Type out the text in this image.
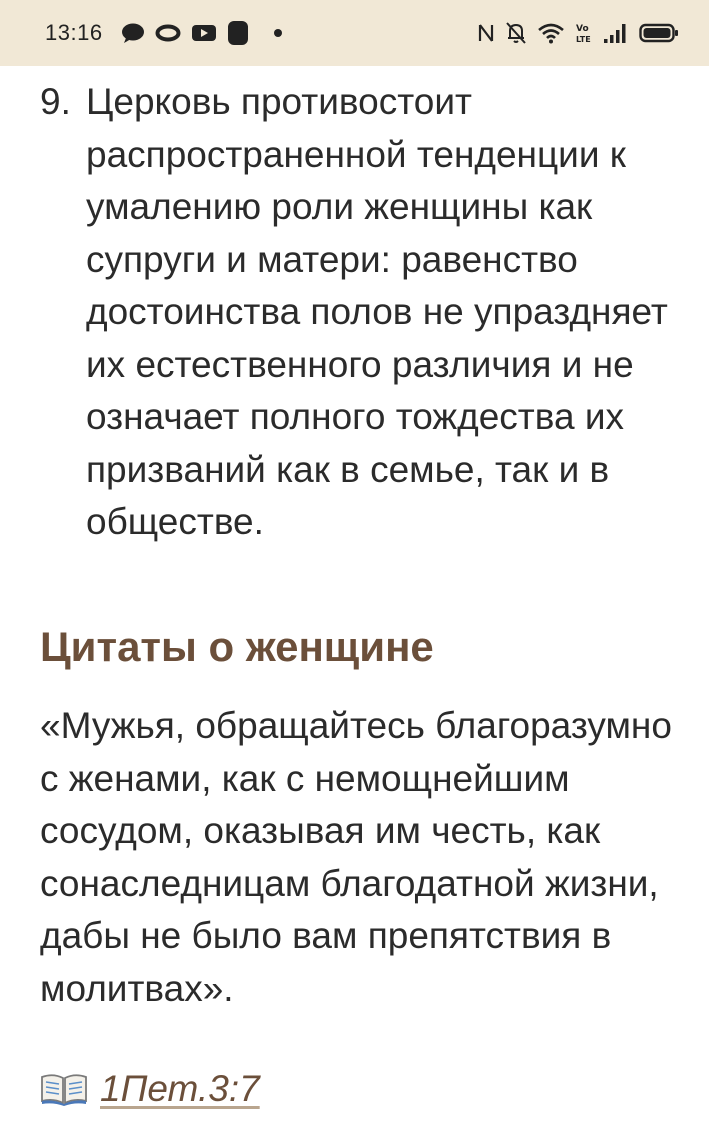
13:16	Vo
LTE
9. Церковь противостоит распространенной тенденции к умалению роли женщины как супруги и матери: равенство достоинства полов не упраздняет их естественного различия и не означает полного тождества их призваний как в семье, так и в обществе.
Цитаты о женщине

«Мужья, обращайтесь благоразумно с женами, как с немощнейшим сосудом, оказывая им честь, как сонаследницам благодатной жизни, дабы не было вам препятствия в молитвах».

1Пет.3:7
